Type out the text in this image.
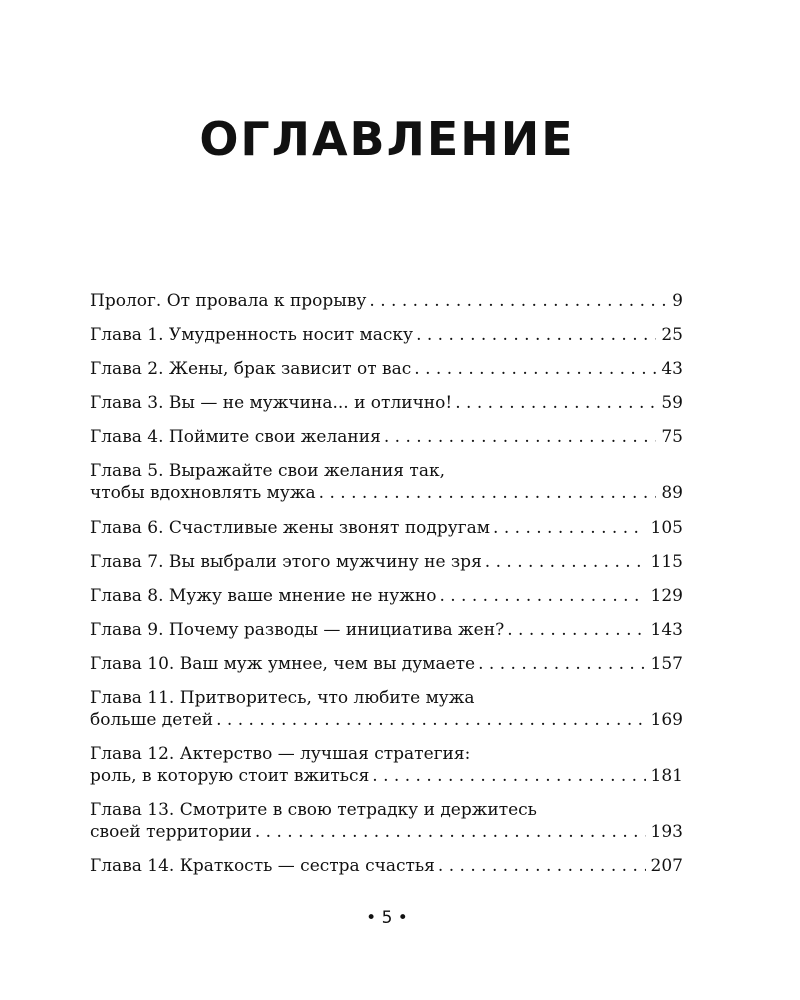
ОГЛАВЛЕНИЕ
Пролог. От провала к прорыву . . .	9
Глава 1. Умудренность носит маску . . .	25
Глава 2. Жены, брак зависит от вас . . .	43
Глава 3. Вы — не мужчина... и отлично! . . .	59
Глава 4. Поймите свои желания . . .	75
Глава 5. Выражайте свои желания так,
чтобы вдохновлять мужа . . .	89
Глава 6. Счастливые жены звонят подругам . . .	105
Глава 7. Вы выбрали этого мужчину не зря . . .	115
Глава 8. Мужу ваше мнение не нужно . . .	129
Глава 9. Почему разводы — инициатива жен? . . .	143
Глава 10. Ваш муж умнее, чем вы думаете . . .	157
Глава 11. Притворитесь, что любите мужа
больше детей . . .	169
Глава 12. Актерство — лучшая стратегия:
роль, в которую стоит вжиться . . .	181
Глава 13. Смотрите в свою тетрадку и держитесь
своей территории . . .	193
Глава 14. Краткость — сестра счастья . . .	207
• 5 •
